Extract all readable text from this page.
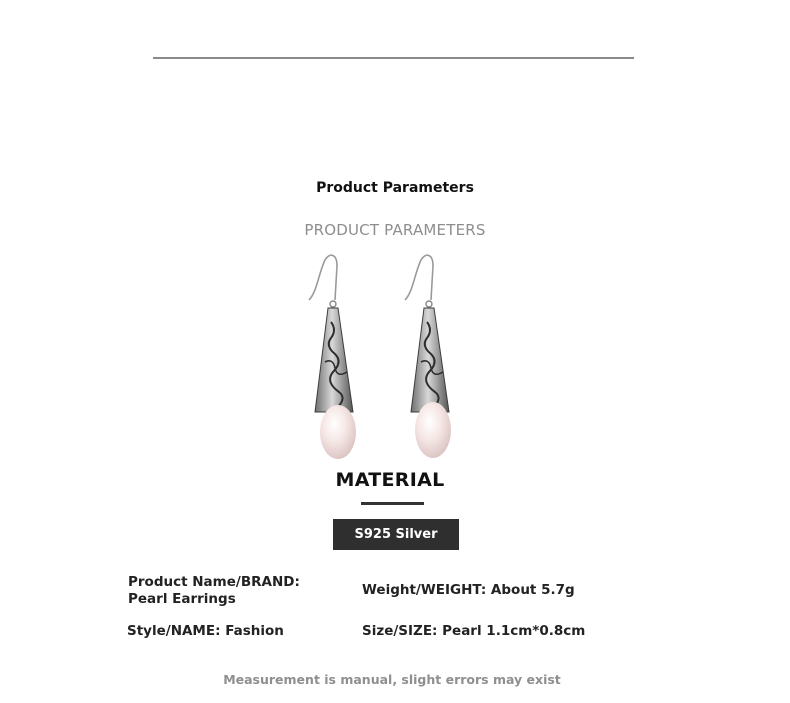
Product Parameters
PRODUCT PARAMETERS
MATERIAL
S925 Silver
Product Name/BRAND:
Pearl Earrings
Weight/WEIGHT: About 5.7g
Style/NAME: Fashion	Size/SIZE: Pearl 1.1cm*0.8cm
Measurement is manual, slight errors may exist
